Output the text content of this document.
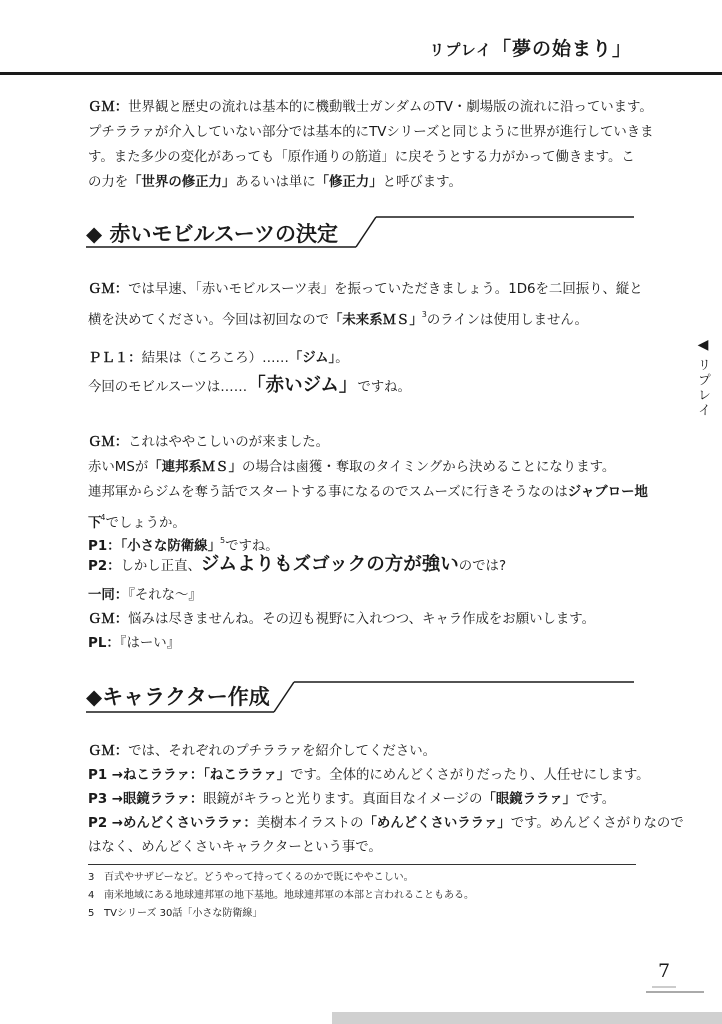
リプレイ「夢の始まり」
ＧＭ：世界観と歴史の流れは基本的に機動戦士ガンダムのTV・劇場版の流れに沿っています。
プチララァが介入していない部分では基本的にTVシリーズと同じように世界が進行していきま
す。また多少の変化があっても「原作通りの筋道」に戻そうとする力がかって働きます。こ
の力を「世界の修正力」あるいは単に「修正力」と呼びます。
◆ 赤いモビルスーツの決定
ＧＭ：では早速、「赤いモビルスーツ表」を振っていただきましょう。1D6を二回振り、縦と
横を決めてください。今回は初回なので「未来系ＭＳ」$^3$のラインは使用しません。
ＰＬ１：結果は（ころころ）……「ジム」。
今回のモビルスーツは……「赤いジム」ですね。
ＧＭ：これはややこしいのが来ました。
赤いMSが「連邦系ＭＳ」の場合は鹵獲・奪取のタイミングから決めることになります。
連邦軍からジムを奪う話でスタートする事になるのでスムーズに行きそうなのはジャブロー地
下$^4$でしょうか。
P1：「小さな防衛線」$^5$ですね。
P2：しかし正直、ジムよりもズゴックの方が強いのでは?
一同：『それな～』
ＧＭ：悩みは尽きませんね。その辺も視野に入れつつ、キャラ作成をお願いします。
PL：『はーい』
◆キャラクター作成
ＧＭ：では、それぞれのプチララァを紹介してください。
P1 →ねこララァ：「ねこララァ」です。全体的にめんどくさがりだったり、人任せにします。
P3 →眼鏡ララァ：眼鏡がキラっと光ります。真面目なイメージの「眼鏡ララァ」です。
P2 →めんどくさいララァ：美樹本イラストの「めんどくさいララァ」です。めんどくさがりなので
はなく、めんどくさいキャラクターという事で。
3 百式やサザビーなど。どうやって持ってくるのかで既にややこしい。
4 南米地域にある地球連邦軍の地下基地。地球連邦軍の本部と言われることもある。
5 TVシリーズ 30話「小さな防衛線」
◀
リプレイ
7
